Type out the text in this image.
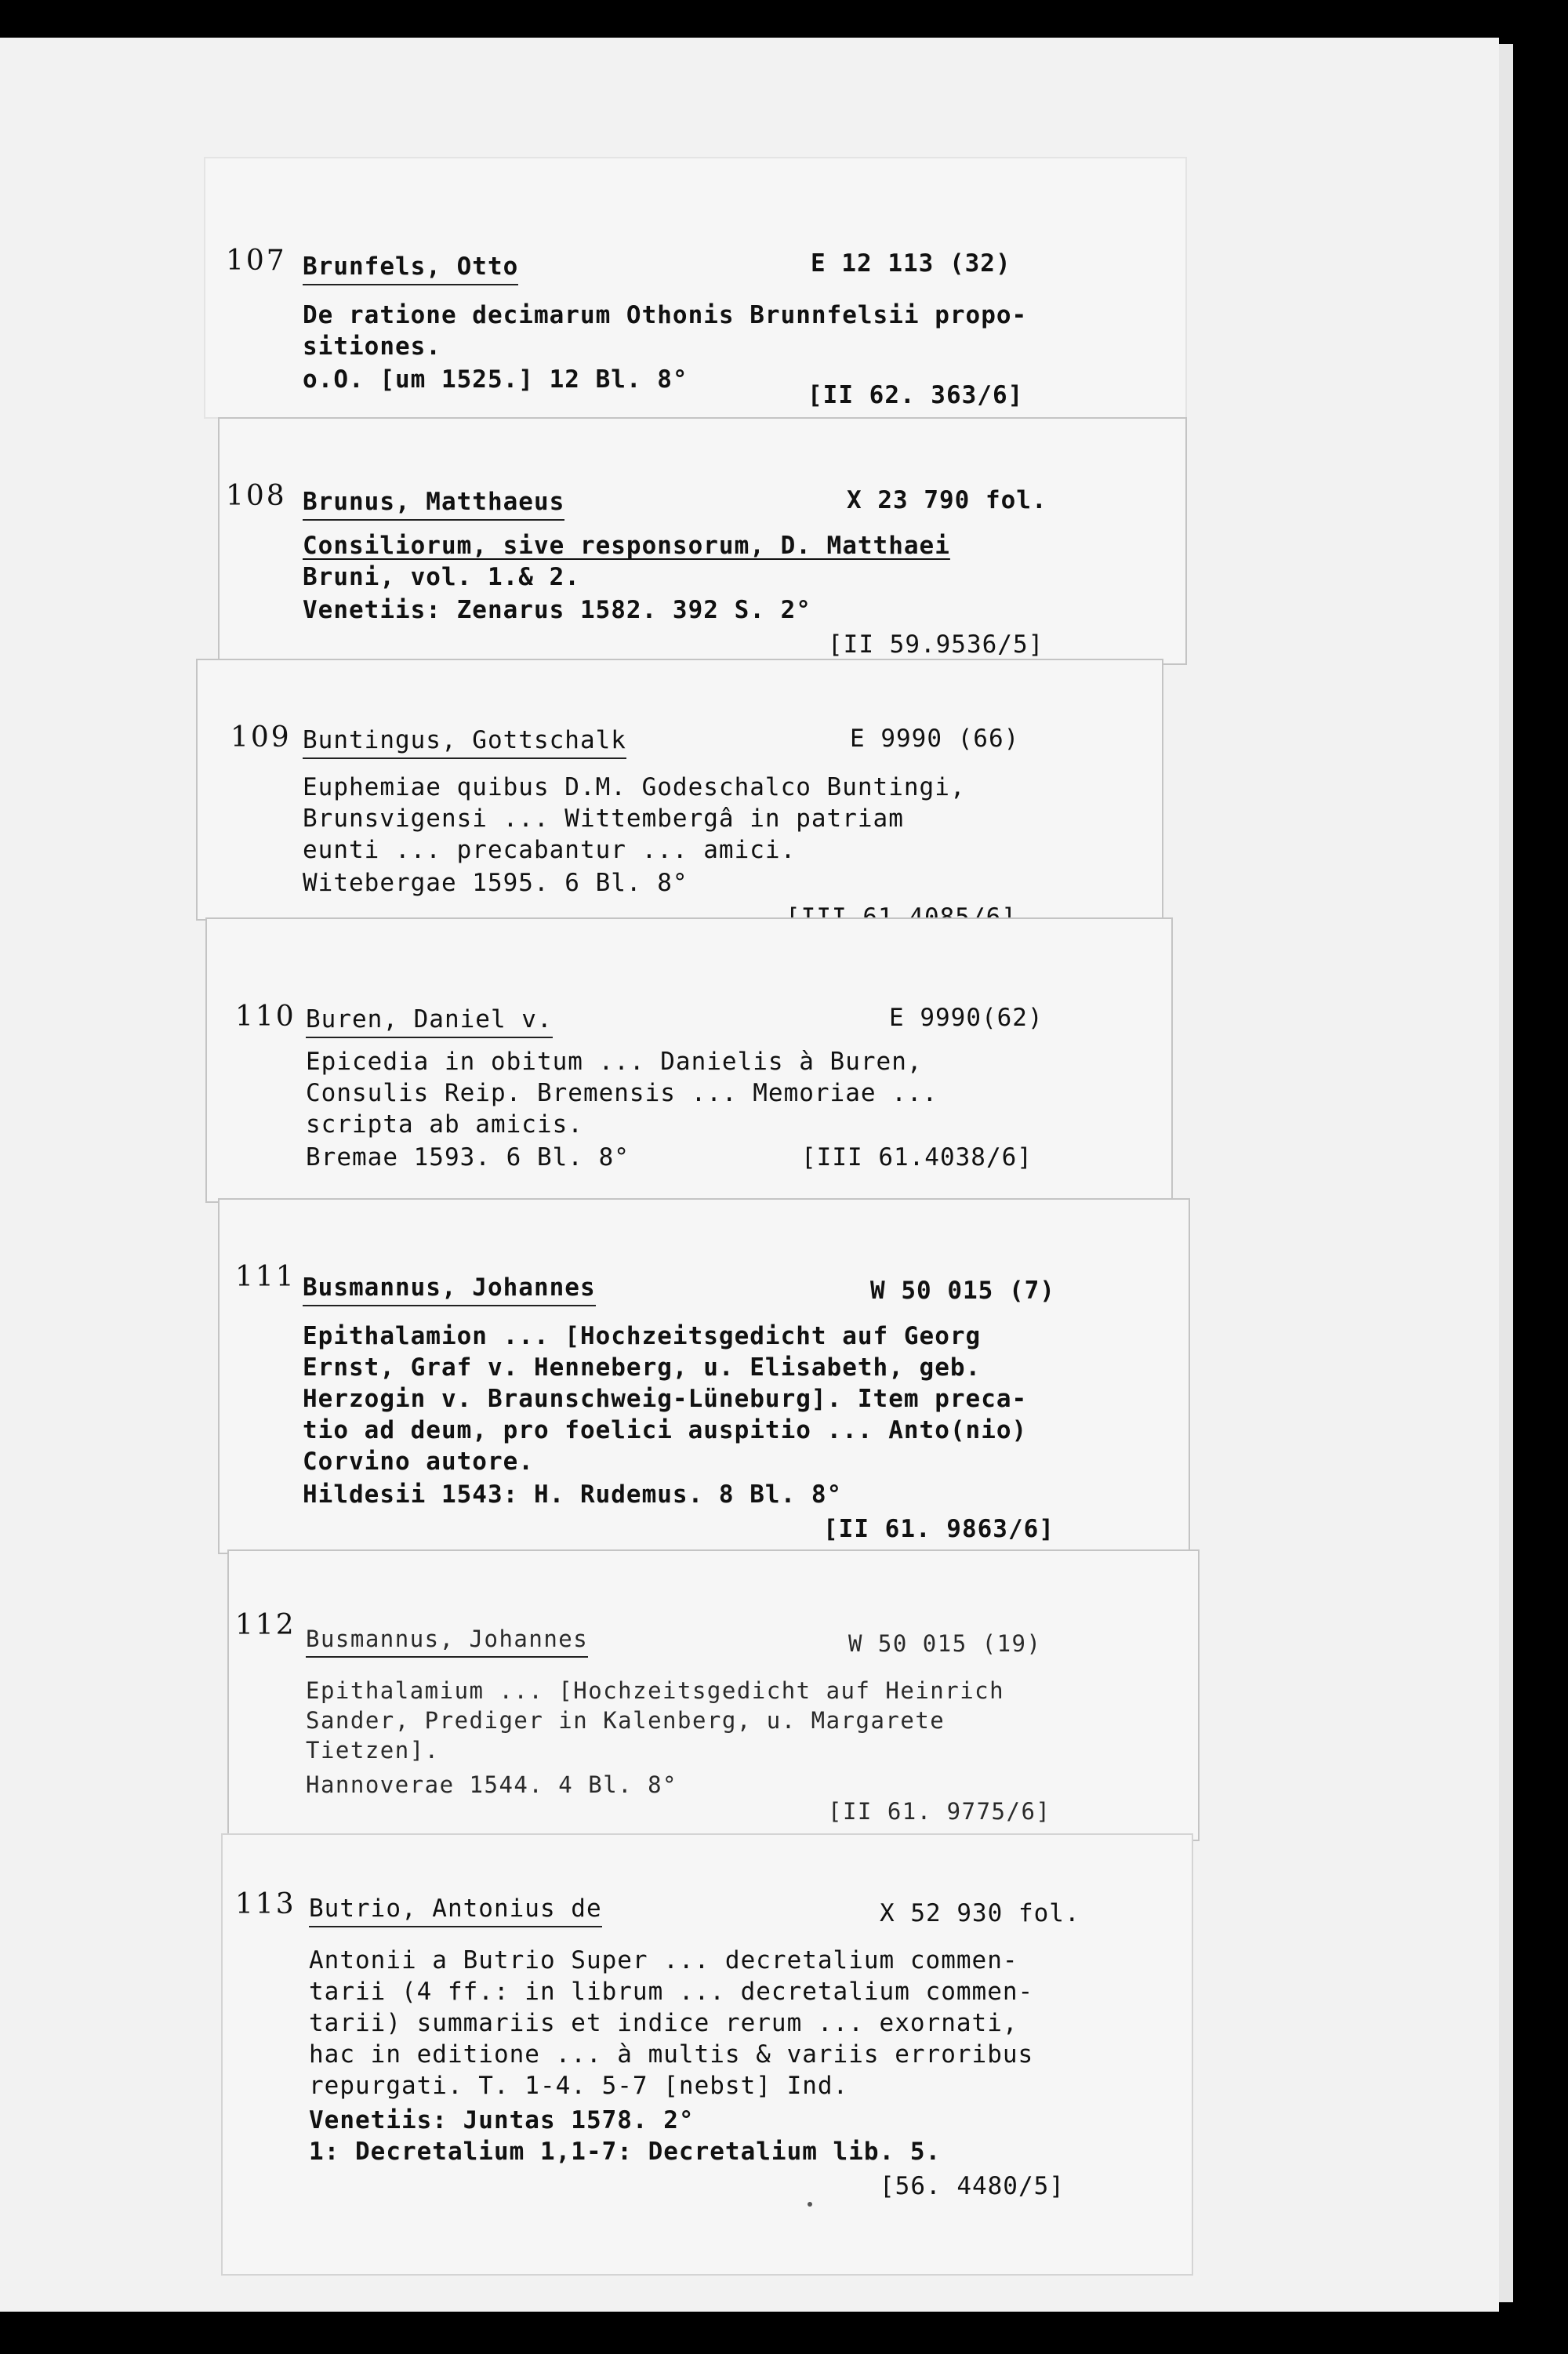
107 Brunfels, Otto	E 12 113 (32)
De ratione decimarum Othonis Brunnfelsii propo-
sitiones.
o.O. [um 1525.] 12 Bl. 8°
[II 62. 363/6]
108 Brunus, Matthaeus	X 23 790 fol.
Consiliorum, sive responsorum, D. Matthaei
Bruni, vol. 1.& 2.
Venetiis: Zenarus 1582. 392 S. 2°
[II 59.9536/5]
109 Buntingus, Gottschalk	E 9990 (66)
Euphemiae quibus D.M. Godeschalco Buntingi,
Brunsvigensi ... Wittembergâ in patriam
eunti ... precabantur ... amici.
Witebergae 1595. 6 Bl. 8°
110 Buren, Daniel v.	E 9990(62)
Epicedia in obitum ... Danielis à Buren,
Consulis Reip. Bremensis ... Memoriae ...
scripta ab amicis.
Bremae 1593. 6 Bl. 8°	[III 61.4038/6]
111 Busmannus, Johannes	W 50 015 (7)
Epithalamion ... [Hochzeitsgedicht auf Georg
Ernst, Graf v. Henneberg, u. Elisabeth, geb.
Herzogin v. Braunschweig-Lüneburg]. Item preca-
tio ad deum, pro foelici auspitio ... Anto(nio)
Corvino autore.
Hildesii 1543: H. Rudemus. 8 Bl. 8°
[II 61. 9863/6]
112 Busmannus, Johannes	W 50 015 (19)
Epithalamium ... [Hochzeitsgedicht auf Heinrich
Sander, Prediger in Kalenberg, u. Margarete
Tietzen].
Hannoverae 1544. 4 Bl. 8°
[II 61. 9775/6]
113 Butrio, Antonius de	X 52 930 fol.
Antonii a Butrio Super ... decretalium commen-
tarii (4 ff.: in librum ... decretalium commen-
tarii) summariis et indice rerum ... exornati,
hac in editione ... à multis & variis erroribus
repurgati. T. 1-4. 5-7 [nebst] Ind.
Venetiis: Juntas 1578. 2°
1: Decretalium 1,1-7: Decretalium lib. 5.
[56. 4480/5]
